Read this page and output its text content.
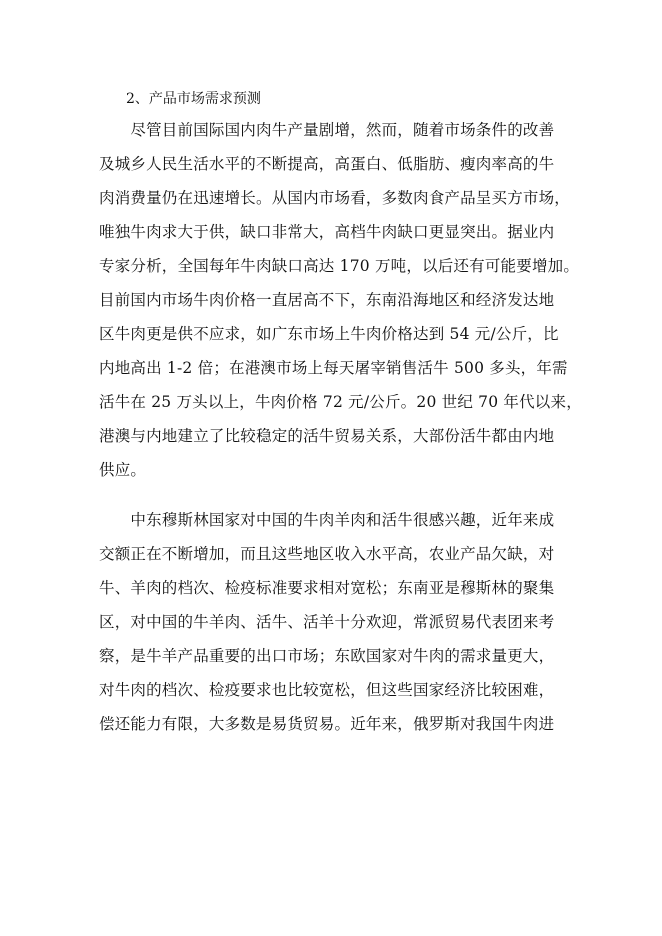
2、产品市场需求预测
　　尽管目前国际国内肉牛产量剧增，然而，随着市场条件的改善
及城乡人民生活水平的不断提高，高蛋白、低脂肪、瘦肉率高的牛
肉消费量仍在迅速增长。从国内市场看，多数肉食产品呈买方市场，
唯独牛肉求大于供，缺口非常大，高档牛肉缺口更显突出。据业内
专家分析，全国每年牛肉缺口高达 170 万吨，以后还有可能要增加。
目前国内市场牛肉价格一直居高不下，东南沿海地区和经济发达地
区牛肉更是供不应求，如广东市场上牛肉价格达到 54 元/公斤，比
内地高出 1-2 倍；在港澳市场上每天屠宰销售活牛 500 多头，年需
活牛在 25 万头以上，牛肉价格 72 元/公斤。20 世纪 70 年代以来，
港澳与内地建立了比较稳定的活牛贸易关系，大部份活牛都由内地
供应。
　　中东穆斯林国家对中国的牛肉羊肉和活牛很感兴趣，近年来成
交额正在不断增加，而且这些地区收入水平高，农业产品欠缺，对
牛、羊肉的档次、检疫标准要求相对宽松；东南亚是穆斯林的聚集
区，对中国的牛羊肉、活牛、活羊十分欢迎，常派贸易代表团来考
察，是牛羊产品重要的出口市场；东欧国家对牛肉的需求量更大，
对牛肉的档次、检疫要求也比较宽松，但这些国家经济比较困难，
偿还能力有限，大多数是易货贸易。近年来，俄罗斯对我国牛肉进
